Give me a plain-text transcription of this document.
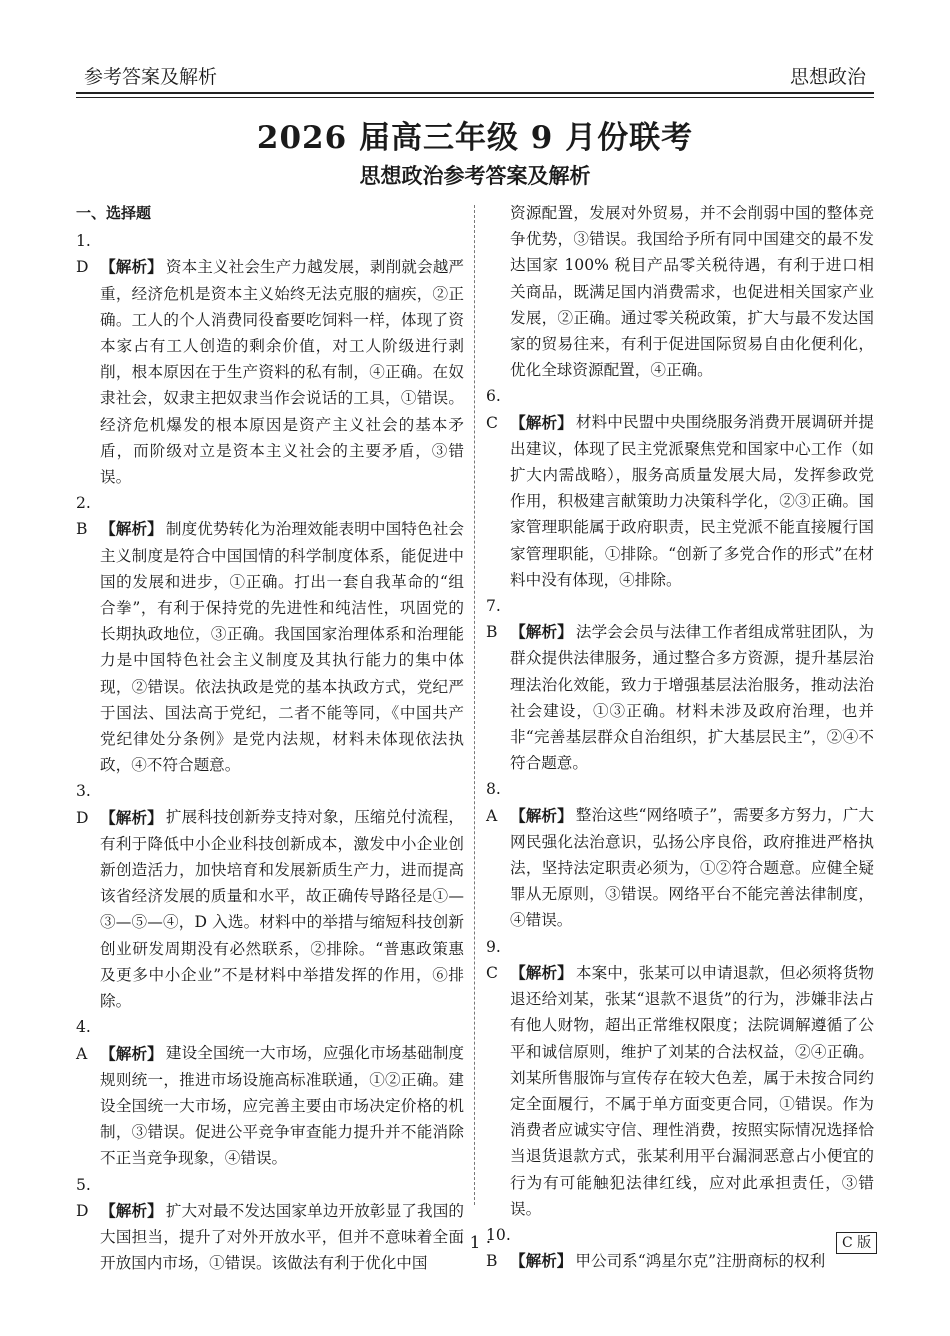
参考答案及解析	思想政治
2026 届高三年级 9 月份联考
思想政治参考答案及解析
一、选择题

1. D 【解析】 资本主义社会生产力越发展，剥削就会越严重，经济危机是资本主义始终无法克服的痼疾，②正确。工人的个人消费同役畜要吃饲料一样，体现了资本家占有工人创造的剩余价值，对工人阶级进行剥削，根本原因在于生产资料的私有制，④正确。在奴隶社会，奴隶主把奴隶当作会说话的工具，①错误。经济危机爆发的根本原因是资产主义社会的基本矛盾，而阶级对立是资本主义社会的主要矛盾，③错误。

2. B 【解析】 制度优势转化为治理效能表明中国特色社会主义制度是符合中国国情的科学制度体系，能促进中国的发展和进步，①正确。打出一套自我革命的“组合拳”，有利于保持党的先进性和纯洁性，巩固党的长期执政地位，③正确。我国国家治理体系和治理能力是中国特色社会主义制度及其执行能力的集中体现，②错误。依法执政是党的基本执政方式，党纪严于国法、国法高于党纪，二者不能等同，《中国共产党纪律处分条例》是党内法规，材料未体现依法执政，④不符合题意。

3. D 【解析】 扩展科技创新券支持对象，压缩兑付流程，有利于降低中小企业科技创新成本，激发中小企业创新创造活力，加快培育和发展新质生产力，进而提高该省经济发展的质量和水平，故正确传导路径是①—③—⑤—④，D 入选。材料中的举措与缩短科技创新创业研发周期没有必然联系，②排除。“普惠政策惠及更多中小企业”不是材料中举措发挥的作用，⑥排除。

4. A 【解析】 建设全国统一大市场，应强化市场基础制度规则统一，推进市场设施高标准联通，①②正确。建设全国统一大市场，应完善主要由市场决定价格的机制，③错误。促进公平竞争审查能力提升并不能消除不正当竞争现象，④错误。

5. D 【解析】 扩大对最不发达国家单边开放彰显了我国的大国担当，提升了对外开放水平，但并不意味着全面开放国内市场，①错误。该做法有利于优化中国

资源配置，发展对外贸易，并不会削弱中国的整体竞争优势，③错误。我国给予所有同中国建交的最不发达国家 100% 税目产品零关税待遇，有利于进口相关商品，既满足国内消费需求，也促进相关国家产业发展，②正确。通过零关税政策，扩大与最不发达国家的贸易往来，有利于促进国际贸易自由化便利化，优化全球资源配置，④正确。

6. C 【解析】 材料中民盟中央围绕服务消费开展调研并提出建议，体现了民主党派聚焦党和国家中心工作（如扩大内需战略），服务高质量发展大局，发挥参政党作用，积极建言献策助力决策科学化，②③正确。国家管理职能属于政府职责，民主党派不能直接履行国家管理职能，①排除。“创新了多党合作的形式”在材料中没有体现，④排除。

7. B 【解析】 法学会会员与法律工作者组成常驻团队，为群众提供法律服务，通过整合多方资源，提升基层治理法治化效能，致力于增强基层法治服务，推动法治社会建设，①③正确。材料未涉及政府治理，也并非“完善基层群众自治组织，扩大基层民主”，②④不符合题意。

8. A 【解析】 整治这些“网络喷子”，需要多方努力，广大网民强化法治意识，弘扬公序良俗，政府推进严格执法，坚持法定职责必须为，①②符合题意。应健全疑罪从无原则，③错误。网络平台不能完善法律制度，④错误。

9. C 【解析】 本案中，张某可以申请退款，但必须将货物退还给刘某，张某“退款不退货”的行为，涉嫌非法占有他人财物，超出正常维权限度；法院调解遵循了公平和诚信原则，维护了刘某的合法权益，②④正确。刘某所售服饰与宣传存在较大色差，属于未按合同约定全面履行，不属于单方面变更合同，①错误。作为消费者应诚实守信、理性消费，按照实际情况选择恰当退货退款方式，张某利用平台漏洞恶意占小便宜的行为有可能触犯法律红线，应对此承担责任，③错误。

10. B 【解析】 甲公司系“鸿星尔克”注册商标的权利

· 1 ·	C 版
